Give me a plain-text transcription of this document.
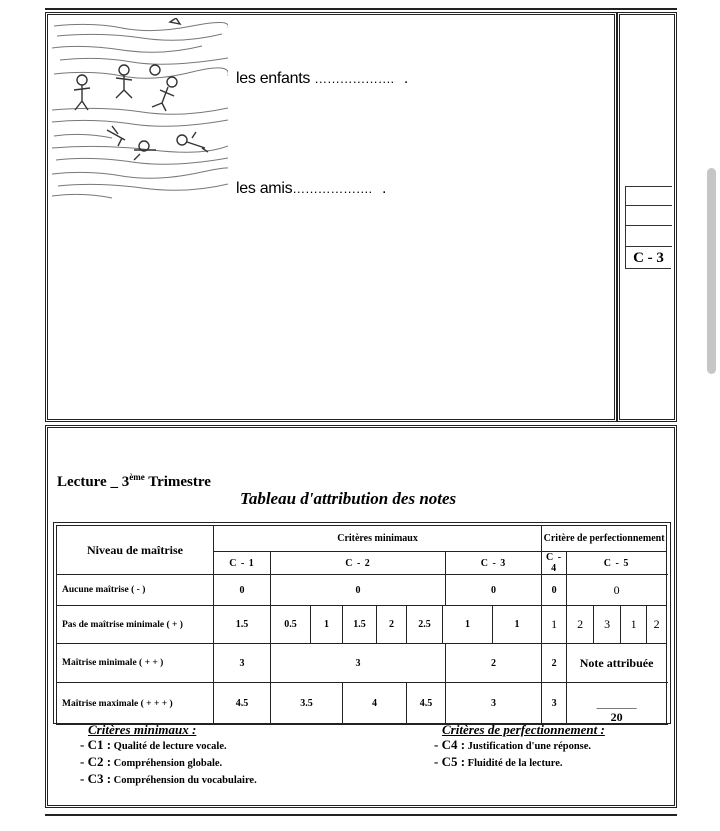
les enfants ………………. .
les amis………………. .
C - 3
Lecture _ 3ème Trimestre
Tableau d'attribution des notes
Niveau de maîtrise	Critères minimaux									Critère de perfectionnement				
	C - 1	C - 2						C - 3		C - 4	C - 5			
Aucune maîtrise ( - )	0	0						0		0	0			
Pas de maîtrise minimale ( + )	1.5	0.5	1	1.5	2	2.5	1		1	1	2	3	1	2
Maîtrise minimale ( + + )	3	3						2		2	Note attribuée			
Maîtrise maximale ( + + + )	4.5	3.5		4		4.5		3		3	________
20			
Critères minimaux :
- C1 : Qualité de lecture vocale.
- C2 : Compréhension globale.
- C3 : Compréhension du vocabulaire.
Critères de perfectionnement :
- C4 : Justification d'une réponse.
- C5 : Fluidité de la lecture.
